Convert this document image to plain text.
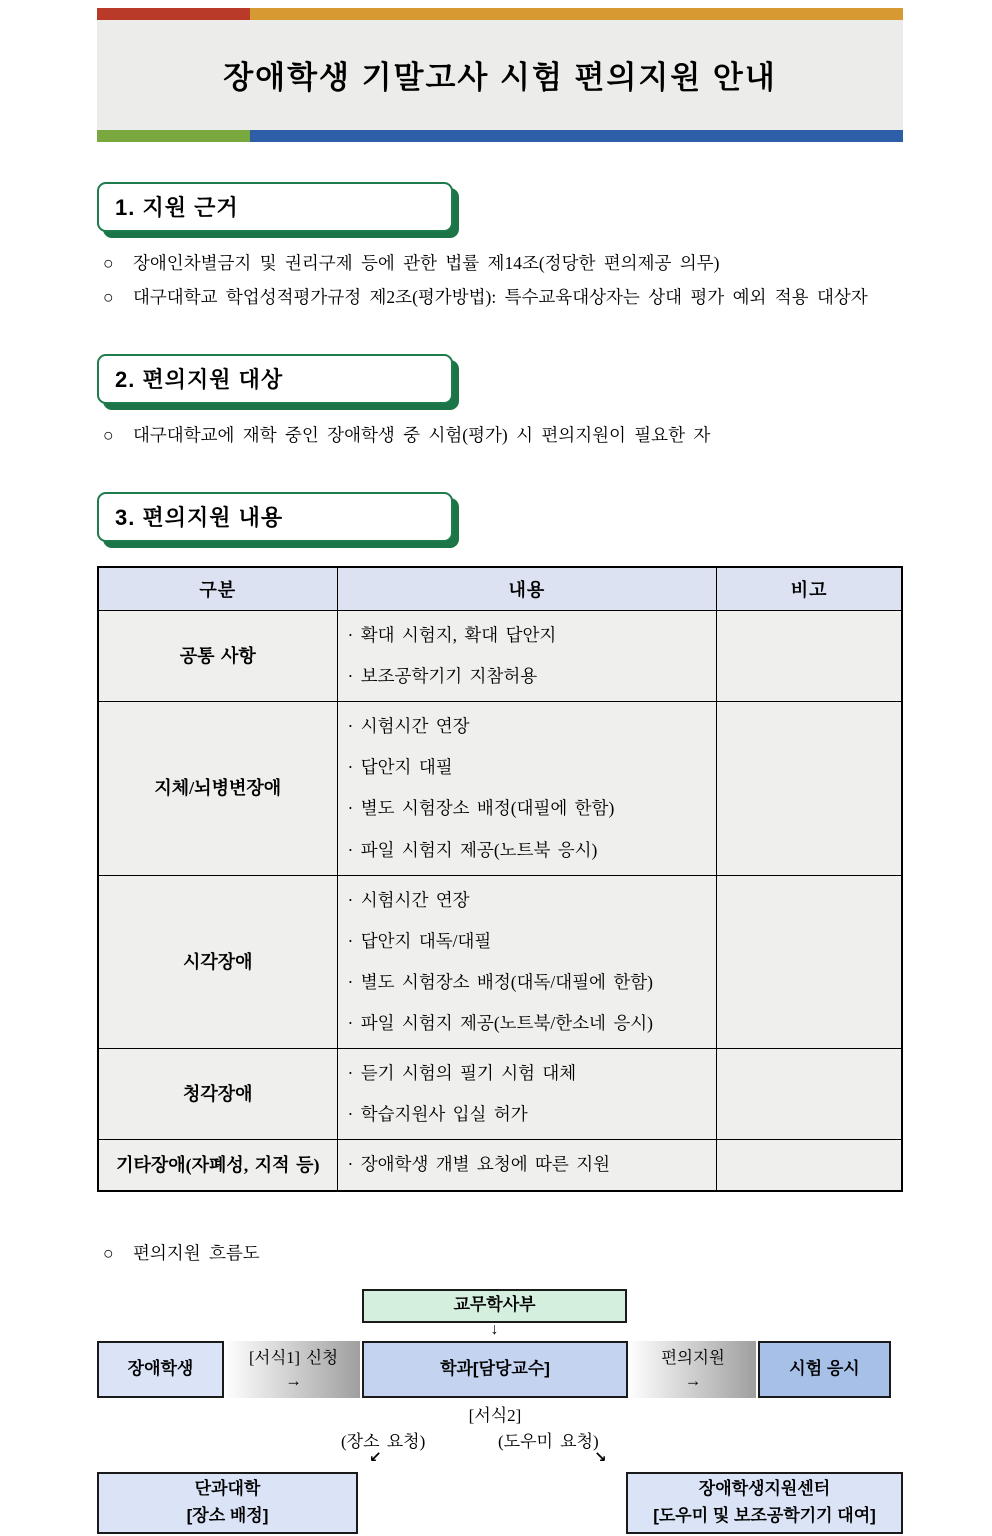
장애학생 기말고사 시험 편의지원 안내
1. 지원 근거
○	장애인차별금지 및 권리구제 등에 관한 법률 제14조(정당한 편의제공 의무)
○	대구대학교 학업성적평가규정 제2조(평가방법): 특수교육대상자는 상대 평가 예외 적용 대상자
2. 편의지원 대상
○	대구대학교에 재학 중인 장애학생 중 시험(평가) 시 편의지원이 필요한 자
3. 편의지원 내용
구분	내용	비고
공통 사항	· 확대 시험지, 확대 답안지
· 보조공학기기 지참허용	

지체/뇌병변장애	· 시험시간 연장
· 답안지 대필
· 별도 시험장소 배정(대필에 한함)
· 파일 시험지 제공(노트북 응시)	

시각장애	· 시험시간 연장
· 답안지 대독/대필
· 별도 시험장소 배정(대독/대필에 한함)
· 파일 시험지 제공(노트북/한소네 응시)	

청각장애	· 듣기 시험의 필기 시험 대체
· 학습지원사 입실 허가	

기타장애(자폐성, 지적 등)	· 장애학생 개별 요청에 따른 지원	

○	편의지원 흐름도
교무학사부
↓
장애학생
[서식1] 신청
→
학과[담당교수]
편의지원
→
시험 응시
[서식2]
(장소 요청)	(도우미 요청)
↙	↘
단과대학
[장소 배정]
장애학생지원센터
[도우미 및 보조공학기기 대여]
